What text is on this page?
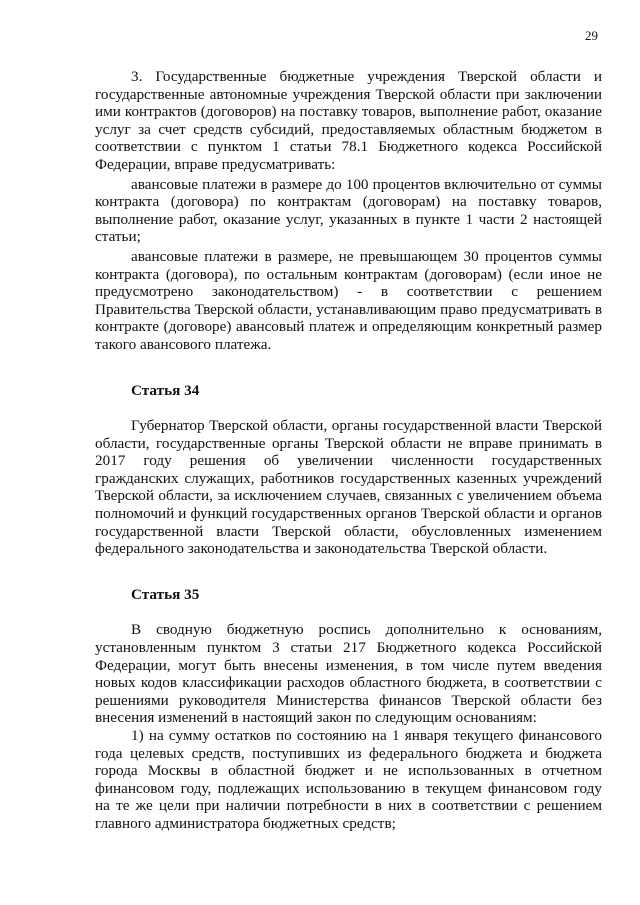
29

3. Государственные бюджетные учреждения Тверской области и государственные автономные учреждения Тверской области при заключении ими контрактов (договоров) на поставку товаров, выполнение работ, оказание услуг за счет средств субсидий, предоставляемых областным бюджетом в соответствии с пунктом 1 статьи 78.1 Бюджетного кодекса Российской Федерации, вправе предусматривать:

авансовые платежи в размере до 100 процентов включительно от суммы контракта (договора) по контрактам (договорам) на поставку товаров, выполнение работ, оказание услуг, указанных в пункте 1 части 2 настоящей статьи;

авансовые платежи в размере, не превышающем 30 процентов суммы контракта (договора), по остальным контрактам (договорам) (если иное не предусмотрено законодательством) - в соответствии с решением Правительства Тверской области, устанавливающим право предусматривать в контракте (договоре) авансовый платеж и определяющим конкретный размер такого авансового платежа.

Статья 34

Губернатор Тверской области, органы государственной власти Тверской области, государственные органы Тверской области не вправе принимать в 2017 году решения об увеличении численности государственных гражданских служащих, работников государственных казенных учреждений Тверской области, за исключением случаев, связанных с увеличением объема полномочий и функций государственных органов Тверской области и органов государственной власти Тверской области, обусловленных изменением федерального законодательства и законодательства Тверской области.

Статья 35

В сводную бюджетную роспись дополнительно к основаниям, установленным пунктом 3 статьи 217 Бюджетного кодекса Российской Федерации, могут быть внесены изменения, в том числе путем введения новых кодов классификации расходов областного бюджета, в соответствии с решениями руководителя Министерства финансов Тверской области без внесения изменений в настоящий закон по следующим основаниям:

1) на сумму остатков по состоянию на 1 января текущего финансового года целевых средств, поступивших из федерального бюджета и бюджета города Москвы в областной бюджет и не использованных в отчетном финансовом году, подлежащих использованию в текущем финансовом году на те же цели при наличии потребности в них в соответствии с решением главного администратора бюджетных средств;
